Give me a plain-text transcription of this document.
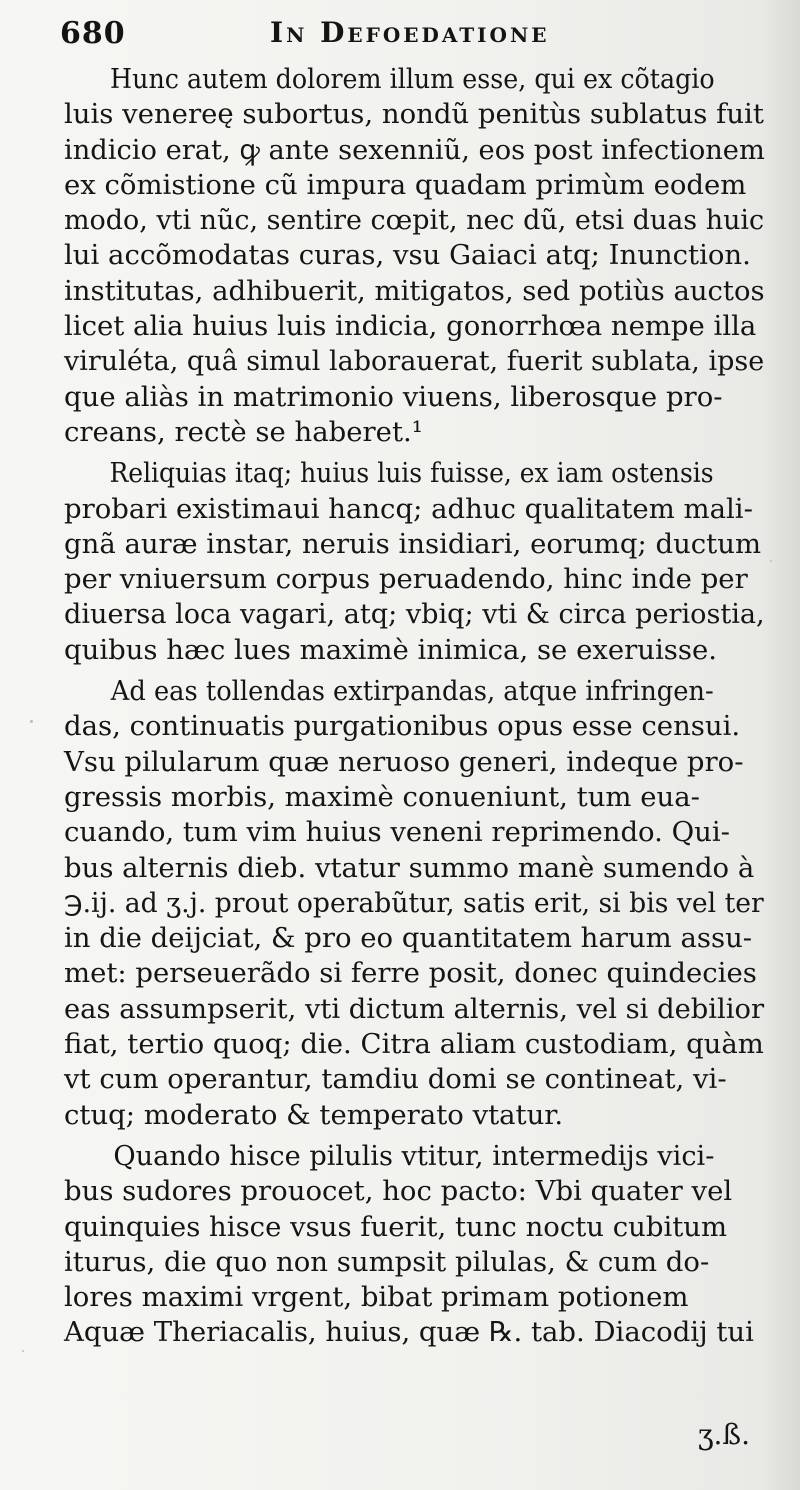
680	In Defoedatione
Hunc autem dolorem illum esse, qui ex cõtagio
luis venereę subortus, nondũ penitùs sublatus fuit
indicio erat, ꝙ ante sexenniũ, eos post infectionem
ex cõmistione cũ impura quadam primùm eodem
modo, vti nũc, sentire cœpit, nec dũ, etsi duas huic
lui accõmodatas curas, vsu Gaiaci atq; Inunction.
institutas, adhibuerit, mitigatos, sed potiùs auctos
licet alia huius luis indicia, gonorrhœa nempe illa
viruléta, quâ simul laborauerat, fuerit sublata, ipse
que aliàs in matrimonio viuens, liberosque pro-
creans, rectè se haberet.¹
Reliquias itaq; huius luis fuisse, ex iam ostensis
probari existimaui hancq; adhuc qualitatem mali-
gnã auræ instar, neruis insidiari, eorumq; ductum
per vniuersum corpus peruadendo, hinc inde per
diuersa loca vagari, atq; vbiq; vti & circa periostia,
quibus hæc lues maximè inimica, se exeruisse.
Ad eas tollendas extirpandas, atque infringen-
das, continuatis purgationibus opus esse censui.
Vsu pilularum quæ neruoso generi, indeque pro-
gressis morbis, maximè conueniunt, tum eua-
cuando, tum vim huius veneni reprimendo. Qui-
bus alternis dieb. vtatur summo manè sumendo à
℈.ij. ad ʒ.j. prout operabũtur, satis erit, si bis vel ter
in die deijciat, & pro eo quantitatem harum assu-
met: perseuerãdo si ferre posit, donec quindecies
eas assumpserit, vti dictum alternis, vel si debilior
fiat, tertio quoq; die. Citra aliam custodiam, quàm
vt cum operantur, tamdiu domi se contineat, vi-
ctuq; moderato & temperato vtatur.
Quando hisce pilulis vtitur, intermedijs vici-
bus sudores prouocet, hoc pacto: Vbi quater vel
quinquies hisce vsus fuerit, tunc noctu cubitum
iturus, die quo non sumpsit pilulas, & cum do-
lores maximi vrgent, bibat primam potionem
Aquæ Theriacalis, huius, quæ ℞. tab. Diacodij tui
ʒ.ß.
